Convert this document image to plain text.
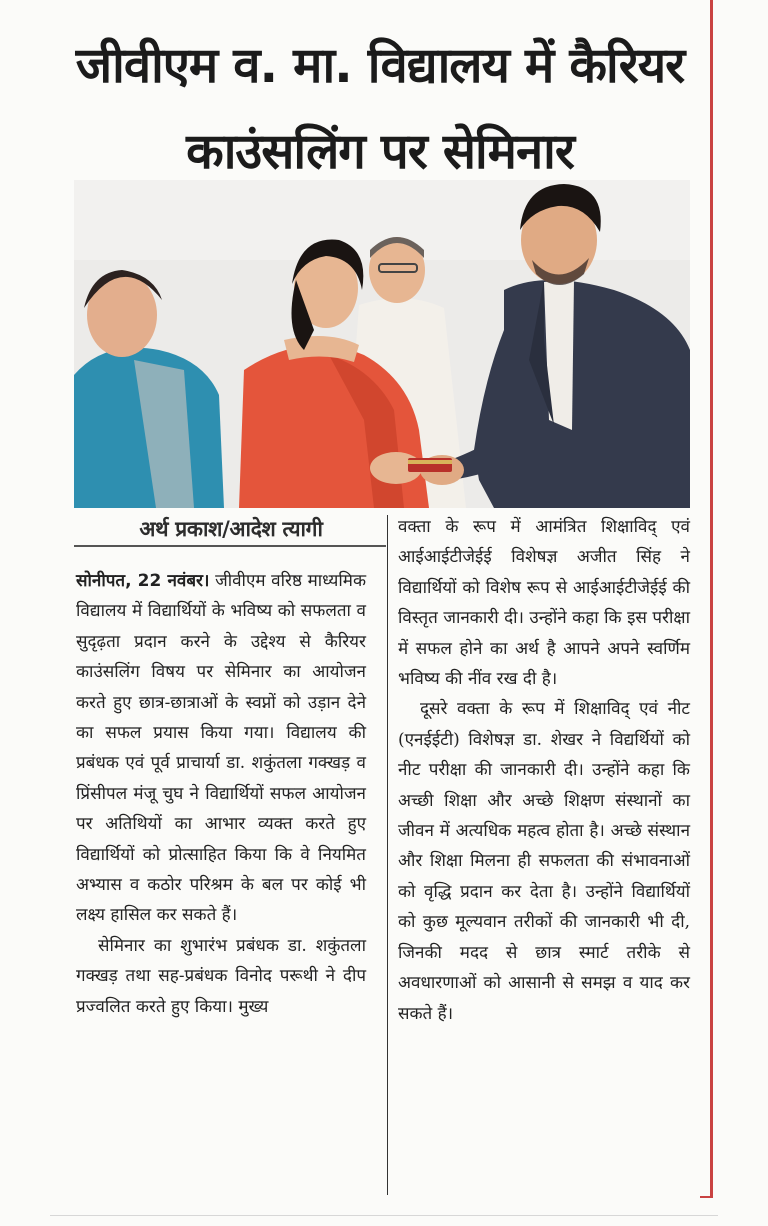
जीवीएम व. मा. विद्यालय में कैरियर
काउंसलिंग पर सेमिनार

अर्थ प्रकाश/आदेश त्यागी

सोनीपत, 22 नवंबर। जीवीएम वरिष्ठ माध्यमिक विद्यालय में विद्यार्थियों के भविष्य को सफलता व सुदृढ़ता प्रदान करने के उद्देश्य से कैरियर काउंसलिंग विषय पर सेमिनार का आयोजन करते हुए छात्र-छात्राओं के स्वप्नों को उड़ान देने का सफल प्रयास किया गया। विद्यालय की प्रबंधक एवं पूर्व प्राचार्या डा. शकुंतला गक्खड़ व प्रिंसीपल मंजू चुघ ने विद्यार्थियों सफल आयोजन पर अतिथियों का आभार व्यक्त करते हुए विद्यार्थियों को प्रोत्साहित किया कि वे नियमित अभ्यास व कठोर परिश्रम के बल पर कोई भी लक्ष्य हासिल कर सकते हैं।

सेमिनार का शुभारंभ प्रबंधक डा. शकुंतला गक्खड़ तथा सह-प्रबंधक विनोद परूथी ने दीप प्रज्वलित करते हुए किया। मुख्य

वक्ता के रूप में आमंत्रित शिक्षाविद् एवं आईआईटीजेईई विशेषज्ञ अजीत सिंह ने विद्यार्थियों को विशेष रूप से आईआईटीजेईई की विस्तृत जानकारी दी। उन्होंने कहा कि इस परीक्षा में सफल होने का अर्थ है आपने अपने स्वर्णिम भविष्य की नींव रख दी है।

दूसरे वक्ता के रूप में शिक्षाविद् एवं नीट (एनईईटी) विशेषज्ञ डा. शेखर ने विद्यर्थियों को नीट परीक्षा की जानकारी दी। उन्होंने कहा कि अच्छी शिक्षा और अच्छे शिक्षण संस्थानों का जीवन में अत्यधिक महत्व होता है। अच्छे संस्थान और शिक्षा मिलना ही सफलता की संभावनाओं को वृद्धि प्रदान कर देता है। उन्होंने विद्यार्थियों को कुछ मूल्यवान तरीकों की जानकारी भी दी, जिनकी मदद से छात्र स्मार्ट तरीके से अवधारणाओं को आसानी से समझ व याद कर सकते हैं।
